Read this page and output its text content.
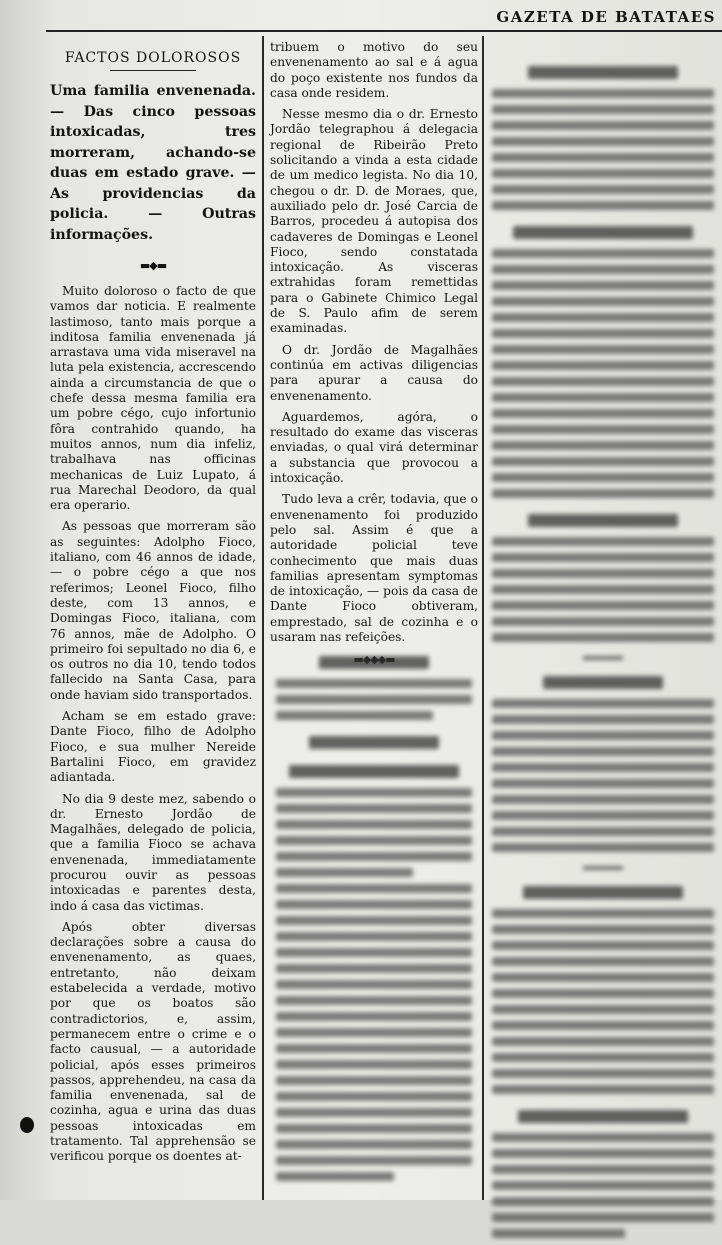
GAZETA DE BATATAES
FACTOS DOLOROSOS
Uma familia envenenada. — Das cinco pessoas intoxicadas, tres morreram, achando-se duas em estado grave. — As providencias da policia. — Outras informações.
▬◆▬

Muito doloroso o facto de que vamos dar noticia. E realmente lastimoso, tanto mais porque a inditosa familia envenenada já arrastava uma vida miseravel na luta pela existencia, accrescendo ainda a circumstancia de que o chefe dessa mesma familia era um pobre cégo, cujo infortunio fôra contrahido quando, ha muitos annos, num dia infeliz, trabalhava nas officinas mechanicas de Luiz Lupato, á rua Marechal Deodoro, da qual era operario.

As pessoas que morreram são as seguintes: Adolpho Fioco, italiano, com 46 annos de idade, — o pobre cégo a que nos referimos; Leonel Fioco, filho deste, com 13 annos, e Domingas Fioco, italiana, com 76 annos, mãe de Adolpho. O primeiro foi sepultado no dia 6, e os outros no dia 10, tendo todos fallecido na Santa Casa, para onde haviam sido transportados.

Acham se em estado grave: Dante Fioco, filho de Adolpho Fioco, e sua mulher Nereide Bartalini Fioco, em gravidez adiantada.

No dia 9 deste mez, sabendo o dr. Ernesto Jordão de Magalhães, delegado de policia, que a familia Fioco se achava envenenada, immediatamente procurou ouvir as pessoas intoxicadas e parentes desta, indo á casa das victimas.

Após obter diversas declarações sobre a causa do envenenamento, as quaes, entretanto, não deixam estabelecida a verdade, motivo por que os boatos são contradictorios, e, assim, permanecem entre o crime e o facto causual, — a autoridade policial, após esses primeiros passos, apprehendeu, na casa da familia envenenada, sal de cozinha, agua e urina das duas pessoas intoxicadas em tratamento. Tal apprehensão se verificou porque os doentes at-

tribuem o motivo do seu envenenamento ao sal e á agua do poço existente nos fundos da casa onde residem.

Nesse mesmo dia o dr. Ernesto Jordão telegraphou á delegacia regional de Ribeirão Preto solicitando a vinda a esta cidade de um medico legista. No dia 10, chegou o dr. D. de Moraes, que, auxiliado pelo dr. José Carcia de Barros, procedeu á autopisa dos cadaveres de Domingas e Leonel Fioco, sendo constatada intoxicação. As visceras extrahidas foram remettidas para o Gabinete Chimico Legal de S. Paulo afim de serem examinadas.

O dr. Jordão de Magalhães continúa em activas diligencias para apurar a causa do envenenamento.

Aguardemos, agóra, o resultado do exame das visceras enviadas, o qual virá determinar a substancia que provocou a intoxicação.

Tudo leva a crêr, todavia, que o envenenamento foi produzido pelo sal. Assim é que a autoridade policial teve conhecimento que mais duas familias apresentam symptomas de intoxicação, — pois da casa de Dante Fioco obtiveram, emprestado, sal de cozinha e o usaram nas refeições.
